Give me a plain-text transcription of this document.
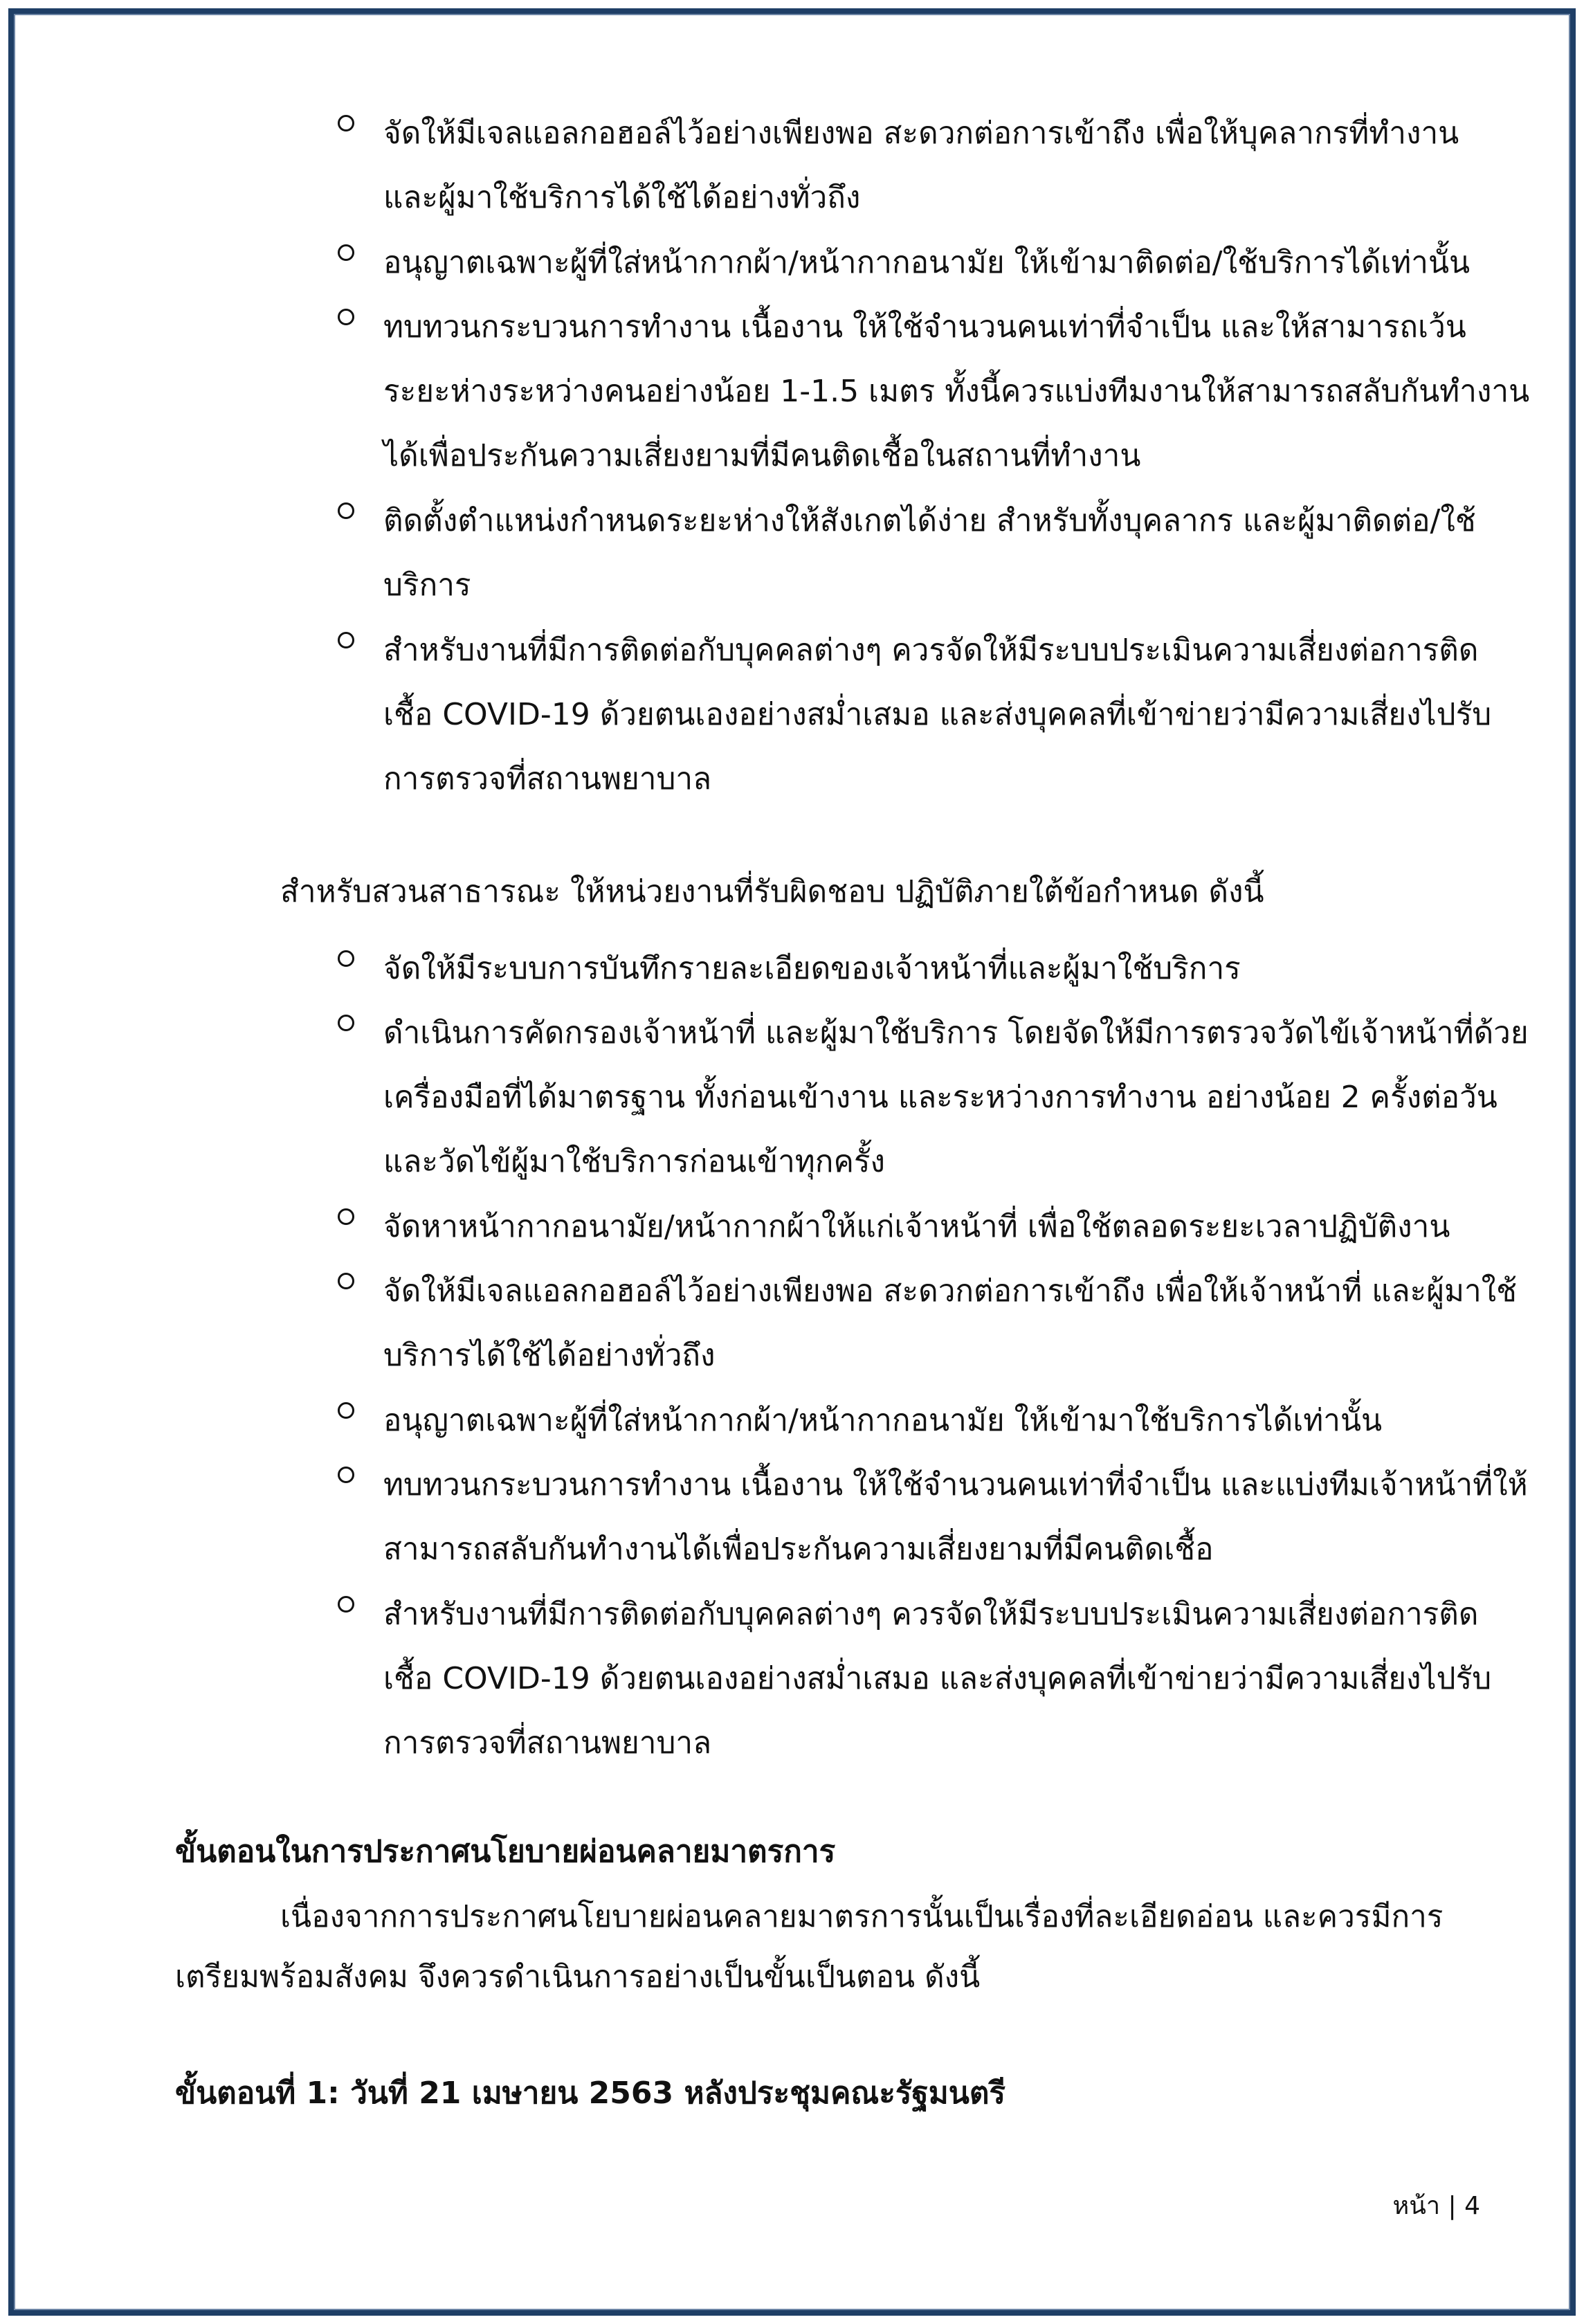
จัดให้มีเจลแอลกอฮอล์ไว้อย่างเพียงพอ สะดวกต่อการเข้าถึง เพื่อให้บุคลากรที่ทำงาน
และผู้มาใช้บริการได้ใช้ได้อย่างทั่วถึง

อนุญาตเฉพาะผู้ที่ใส่หน้ากากผ้า/หน้ากากอนามัย ให้เข้ามาติดต่อ/ใช้บริการได้เท่านั้น

ทบทวนกระบวนการทำงาน เนื้องาน ให้ใช้จำนวนคนเท่าที่จำเป็น และให้สามารถเว้น
ระยะห่างระหว่างคนอย่างน้อย 1-1.5 เมตร ทั้งนี้ควรแบ่งทีมงานให้สามารถสลับกันทำงาน
ได้เพื่อประกันความเสี่ยงยามที่มีคนติดเชื้อในสถานที่ทำงาน

ติดตั้งตำแหน่งกำหนดระยะห่างให้สังเกตได้ง่าย สำหรับทั้งบุคลากร และผู้มาติดต่อ/ใช้
บริการ

สำหรับงานที่มีการติดต่อกับบุคคลต่างๆ ควรจัดให้มีระบบประเมินความเสี่ยงต่อการติด
เชื้อ COVID-19 ด้วยตนเองอย่างสม่ำเสมอ และส่งบุคคลที่เข้าข่ายว่ามีความเสี่ยงไปรับ
การตรวจที่สถานพยาบาล

สำหรับสวนสาธารณะ ให้หน่วยงานที่รับผิดชอบ ปฏิบัติภายใต้ข้อกำหนด ดังนี้

จัดให้มีระบบการบันทึกรายละเอียดของเจ้าหน้าที่และผู้มาใช้บริการ

ดำเนินการคัดกรองเจ้าหน้าที่ และผู้มาใช้บริการ โดยจัดให้มีการตรวจวัดไข้เจ้าหน้าที่ด้วย
เครื่องมือที่ได้มาตรฐาน ทั้งก่อนเข้างาน และระหว่างการทำงาน อย่างน้อย 2 ครั้งต่อวัน
และวัดไข้ผู้มาใช้บริการก่อนเข้าทุกครั้ง

จัดหาหน้ากากอนามัย/หน้ากากผ้าให้แก่เจ้าหน้าที่ เพื่อใช้ตลอดระยะเวลาปฏิบัติงาน

จัดให้มีเจลแอลกอฮอล์ไว้อย่างเพียงพอ สะดวกต่อการเข้าถึง เพื่อให้เจ้าหน้าที่ และผู้มาใช้
บริการได้ใช้ได้อย่างทั่วถึง

อนุญาตเฉพาะผู้ที่ใส่หน้ากากผ้า/หน้ากากอนามัย ให้เข้ามาใช้บริการได้เท่านั้น

ทบทวนกระบวนการทำงาน เนื้องาน ให้ใช้จำนวนคนเท่าที่จำเป็น และแบ่งทีมเจ้าหน้าที่ให้
สามารถสลับกันทำงานได้เพื่อประกันความเสี่ยงยามที่มีคนติดเชื้อ

สำหรับงานที่มีการติดต่อกับบุคคลต่างๆ ควรจัดให้มีระบบประเมินความเสี่ยงต่อการติด
เชื้อ COVID-19 ด้วยตนเองอย่างสม่ำเสมอ และส่งบุคคลที่เข้าข่ายว่ามีความเสี่ยงไปรับ
การตรวจที่สถานพยาบาล

ขั้นตอนในการประกาศนโยบายผ่อนคลายมาตรการ

เนื่องจากการประกาศนโยบายผ่อนคลายมาตรการนั้นเป็นเรื่องที่ละเอียดอ่อน และควรมีการ

เตรียมพร้อมสังคม จึงควรดำเนินการอย่างเป็นขั้นเป็นตอน ดังนี้

ขั้นตอนที่ 1: วันที่ 21 เมษายน 2563 หลังประชุมคณะรัฐมนตรี

หน้า | 4
